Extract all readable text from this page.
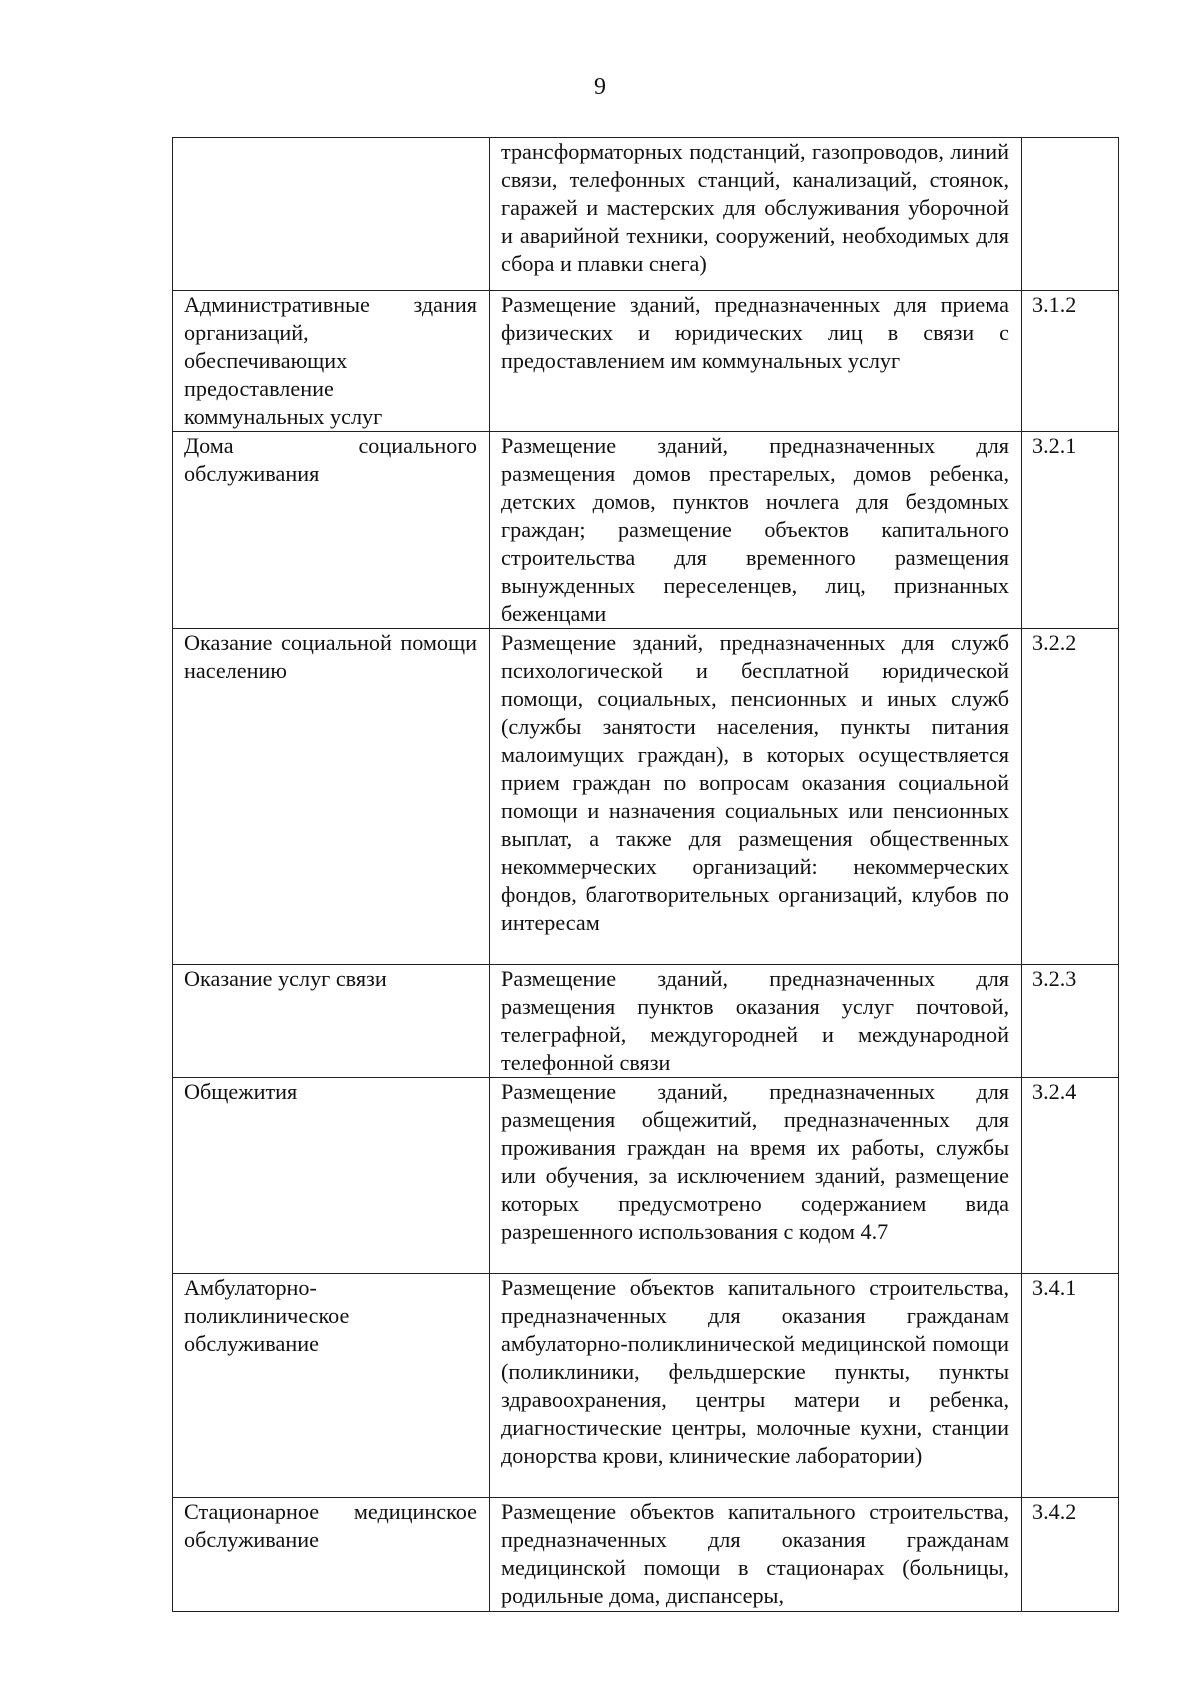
9
	трансформаторных подстанций, газопроводов, линий связи, телефонных станций, канализаций, стоянок, гаражей и мастерских для обслуживания уборочной и аварийной техники, сооружений, необходимых для сбора и плавки снега)	
Административные здания организаций, обеспечивающих предоставление коммунальных услуг	Размещение зданий, предназначенных для приема физических и юридических лиц в связи с предоставлением им коммунальных услуг	3.1.2
Дома социального обслуживания	Размещение зданий, предназначенных для размещения домов престарелых, домов ребенка, детских домов, пунктов ночлега для бездомных граждан; размещение объектов капитального строительства для временного размещения вынужденных переселенцев, лиц, признанных беженцами	3.2.1
Оказание социальной помощи населению	Размещение зданий, предназначенных для служб психологической и бесплатной юридической помощи, социальных, пенсионных и иных служб (службы занятости населения, пункты питания малоимущих граждан), в которых осуществляется прием граждан по вопросам оказания социальной помощи и назначения социальных или пенсионных выплат, а также для размещения общественных некоммерческих организаций: некоммерческих фондов, благотворительных организаций, клубов по интересам	3.2.2
Оказание услуг связи	Размещение зданий, предназначенных для размещения пунктов оказания услуг почтовой, телеграфной, междугородней и международной телефонной связи	3.2.3
Общежития	Размещение зданий, предназначенных для размещения общежитий, предназначенных для проживания граждан на время их работы, службы или обучения, за исключением зданий, размещение которых предусмотрено содержанием вида разрешенного использования с кодом 4.7	3.2.4
Амбулаторно-поликлиническое обслуживание	Размещение объектов капитального строительства, предназначенных для оказания гражданам амбулаторно-поликлинической медицинской помощи (поликлиники, фельдшерские пункты, пункты здравоохранения, центры матери и ребенка, диагностические центры, молочные кухни, станции донорства крови, клинические лаборатории)	3.4.1
Стационарное медицинское обслуживание	Размещение объектов капитального строительства, предназначенных для оказания гражданам медицинской помощи в стационарах (больницы, родильные дома, диспансеры,	3.4.2
